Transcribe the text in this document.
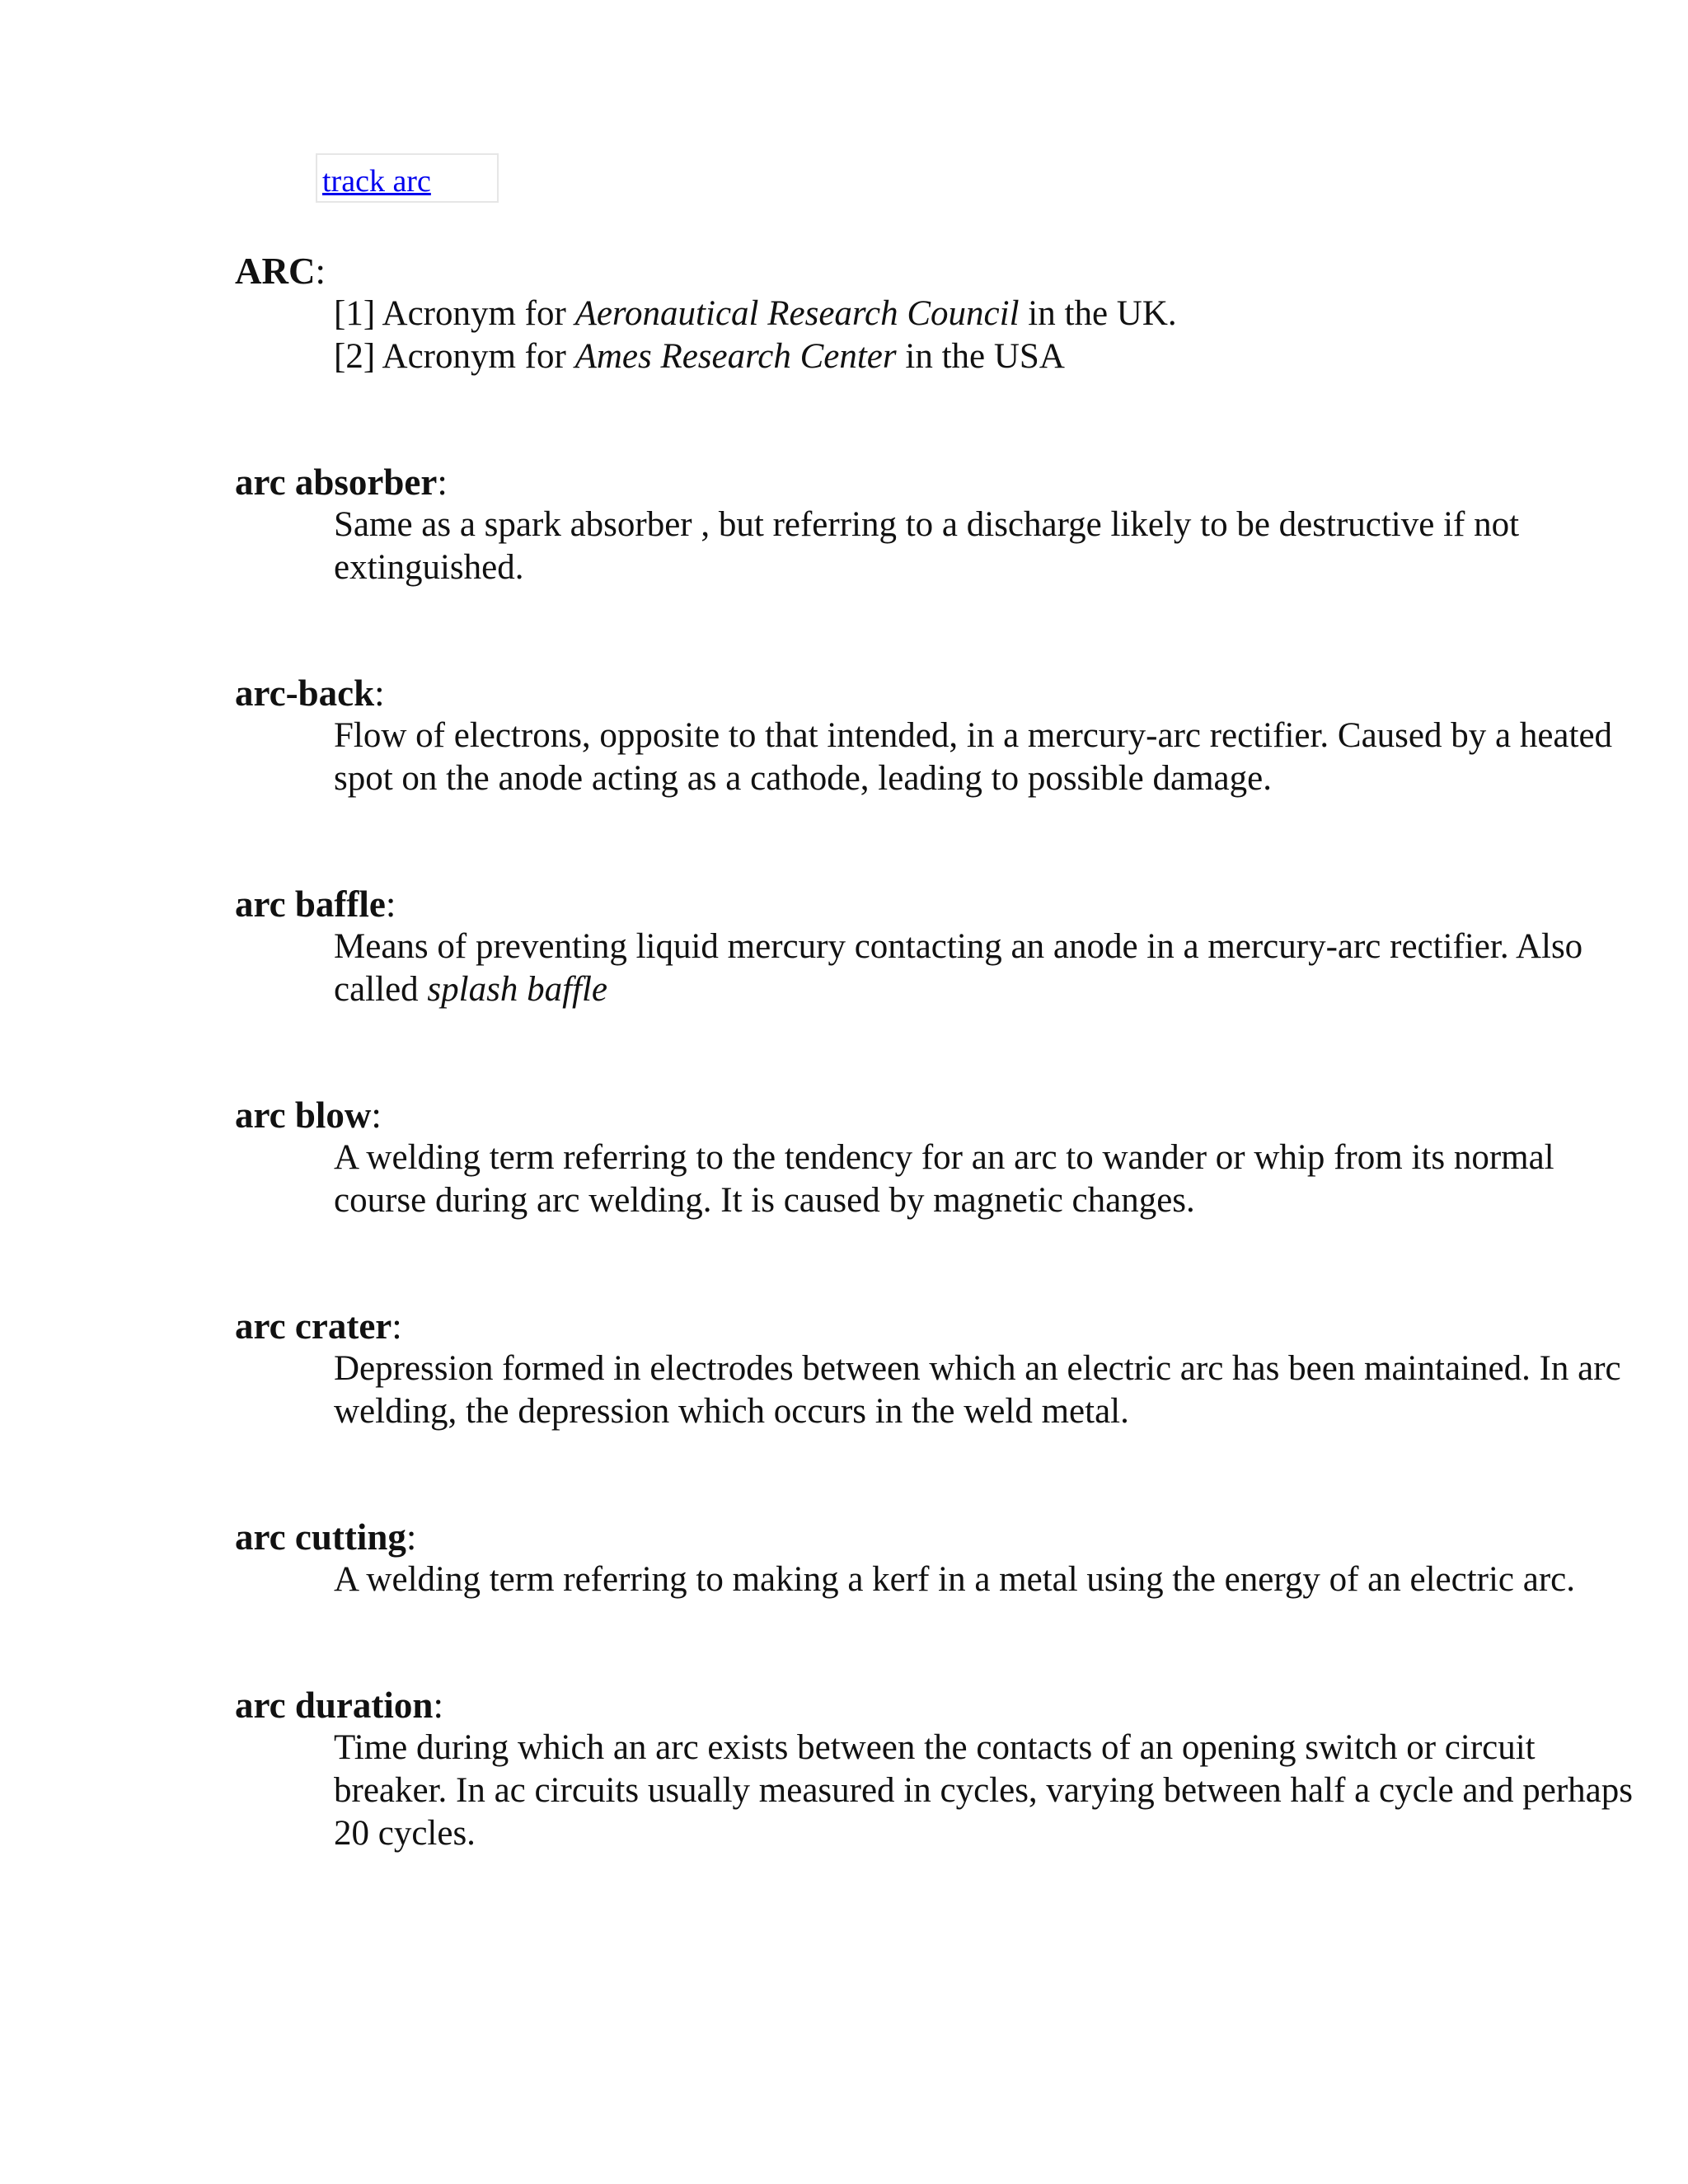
track arc
ARC:

[1] Acronym for Aeronautical Research Council in the UK.

[2] Acronym for Ames Research Center in the USA

arc absorber:

Same as a spark absorber , but referring to a discharge likely to be destructive if not extinguished.

arc-back:

Flow of electrons, opposite to that intended, in a mercury-arc rectifier. Caused by a heated spot on the anode acting as a cathode, leading to possible damage.

arc baffle:

Means of preventing liquid mercury contacting an anode in a mercury-arc rectifier. Also called splash baffle

arc blow:

A welding term referring to the tendency for an arc to wander or whip from its normal course during arc welding. It is caused by magnetic changes.

arc crater:

Depression formed in electrodes between which an electric arc has been maintained. In arc welding, the depression which occurs in the weld metal.

arc cutting:

A welding term referring to making a kerf in a metal using the energy of an electric arc.

arc duration:

Time during which an arc exists between the contacts of an opening switch or circuit breaker. In ac circuits usually measured in cycles, varying between half a cycle and perhaps 20 cycles.
